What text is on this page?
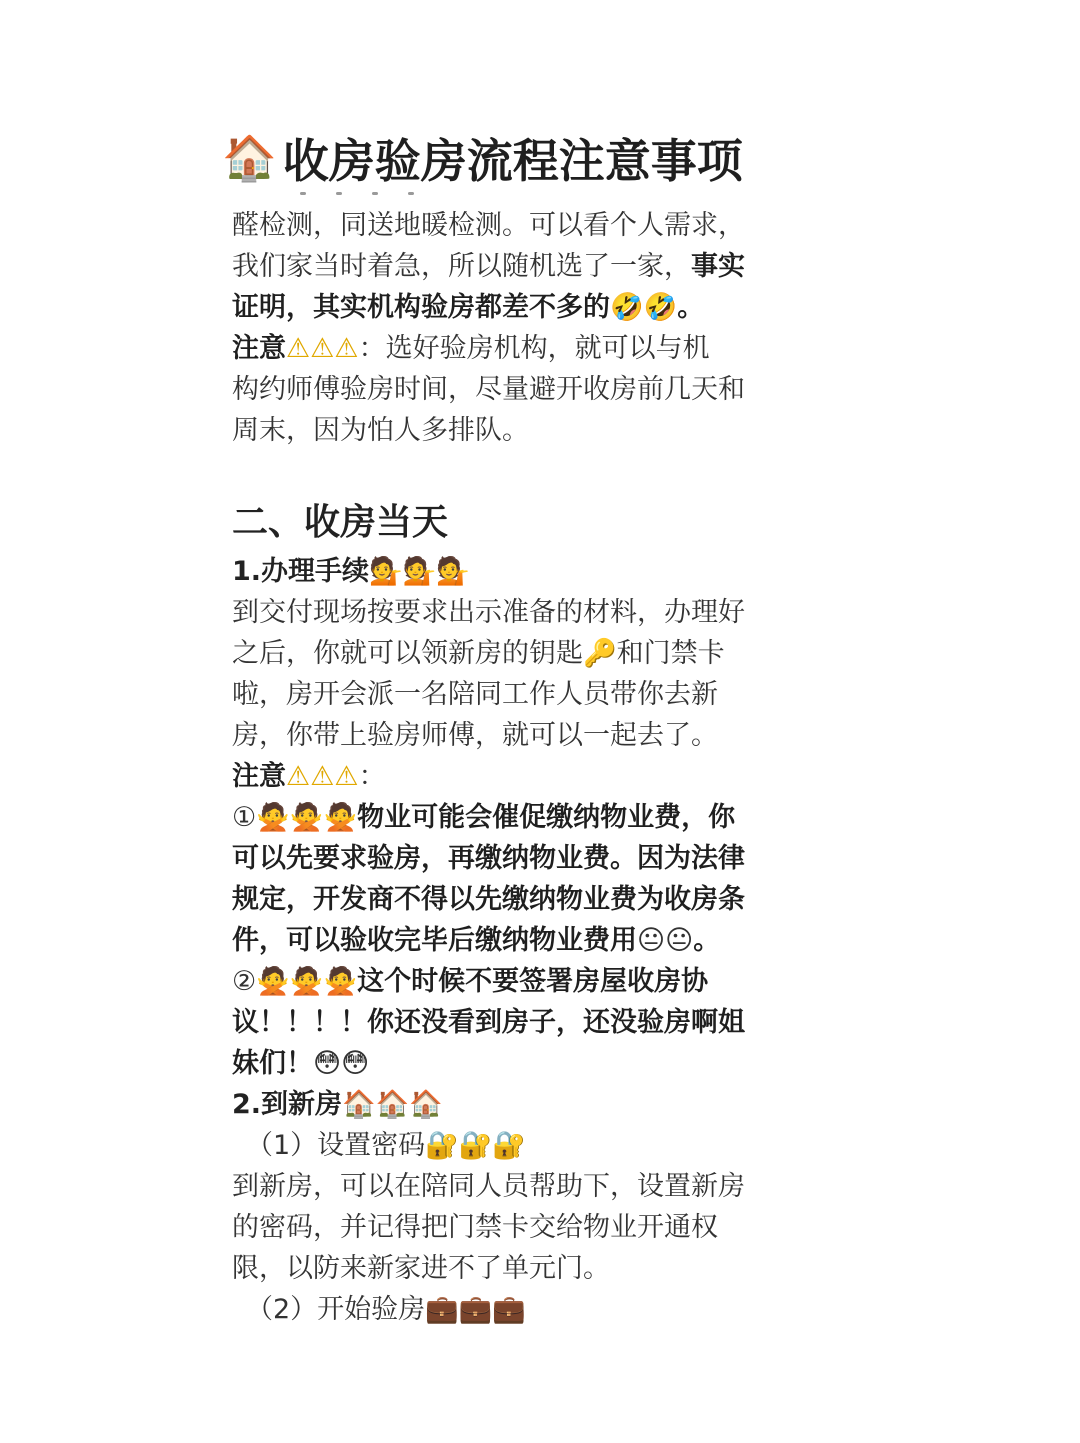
🏠 收房验房流程注意事项
醛检测，同送地暖检测。可以看个人需求，
我们家当时着急，所以随机选了一家，事实
证明，其实机构验房都差不多的🤣🤣。
注意⚠⚠⚠：选好验房机构，就可以与机
构约师傅验房时间，尽量避开收房前几天和
周末，因为怕人多排队。
二、收房当天
1.办理手续💁💁💁
到交付现场按要求出示准备的材料，办理好
之后，你就可以领新房的钥匙🔑和门禁卡
啦，房开会派一名陪同工作人员带你去新
房，你带上验房师傅，就可以一起去了。
注意⚠⚠⚠：
①🙅🙅🙅物业可能会催促缴纳物业费，你
可以先要求验房，再缴纳物业费。因为法律
规定，开发商不得以先缴纳物业费为收房条
件，可以验收完毕后缴纳物业费用😐😐。
②🙅🙅🙅这个时候不要签署房屋收房协
议！！！！你还没看到房子，还没验房啊姐
妹们！😳😳
2.到新房🏠🏠🏠
（1）设置密码🔐🔐🔐
到新房，可以在陪同人员帮助下，设置新房
的密码，并记得把门禁卡交给物业开通权
限，以防来新家进不了单元门。
（2）开始验房💼💼💼
